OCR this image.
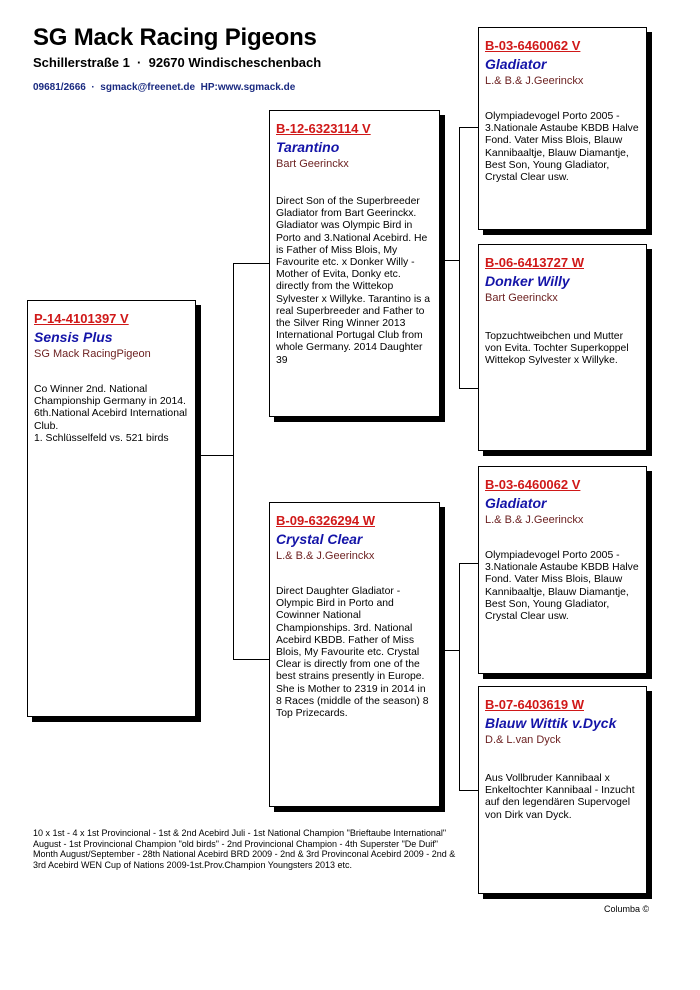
SG Mack Racing Pigeons
Schillerstraße 1  ·  92670 Windischeschenbach
09681/2666  ·  sgmack@freenet.de  HP:www.sgmack.de
P-14-4101397 V
Sensis Plus
SG Mack RacingPigeon
Co Winner 2nd. National Championship Germany in 2014. 6th.National Acebird International Club.
1. Schlüsselfeld vs. 521 birds
B-12-6323114 V
Tarantino
Bart Geerinckx
Direct Son of the Superbreeder Gladiator from Bart Geerinckx. Gladiator was Olympic Bird in Porto and 3.National Acebird. He is Father of Miss Blois, My Favourite etc. x Donker Willy - Mother of Evita, Donky etc. directly from the Wittekop Sylvester x Willyke. Tarantino is a real Superbreeder and Father to the Silver Ring Winner 2013 International Portugal Club from whole Germany. 2014 Daughter 39
B-09-6326294 W
Crystal Clear
L.& B.& J.Geerinckx
Direct Daughter Gladiator - Olympic Bird in Porto and Cowinner National Championships. 3rd. National Acebird KBDB. Father of Miss Blois, My Favourite etc. Crystal Clear is directly from one of the best strains presently in Europe. She is Mother to 2319 in 2014 in 8 Races (middle of the season) 8 Top Prizecards.
B-03-6460062 V
Gladiator
L.& B.& J.Geerinckx
Olympiadevogel Porto 2005 - 3.Nationale Astaube KBDB Halve Fond. Vater Miss Blois, Blauw Kannibaaltje, Blauw Diamantje, Best Son, Young Gladiator, Crystal Clear usw.
B-06-6413727 W
Donker Willy
Bart Geerinckx
Topzuchtweibchen und Mutter von Evita. Tochter Superkoppel Wittekop Sylvester x Willyke.
B-03-6460062 V
Gladiator
L.& B.& J.Geerinckx
Olympiadevogel Porto 2005 - 3.Nationale Astaube KBDB Halve Fond. Vater Miss Blois, Blauw Kannibaaltje, Blauw Diamantje, Best Son, Young Gladiator, Crystal Clear usw.
B-07-6403619 W
Blauw Wittik v.Dyck
D.& L.van Dyck
Aus Vollbruder Kannibaal x Enkeltochter Kannibaal - Inzucht auf den legendären Supervogel von Dirk van Dyck.
10 x 1st - 4 x 1st Provincional - 1st & 2nd Acebird Juli - 1st National Champion "Brieftaube International" August - 1st Provincional Champion "old birds" - 2nd Provincional Champion - 4th Superster "De Duif" Month August/September - 28th National Acebird BRD 2009 - 2nd & 3rd Provinconal Acebird 2009 - 2nd & 3rd Acebird WEN Cup of Nations 2009-1st.Prov.Champion Youngsters 2013 etc.
Columba ©
